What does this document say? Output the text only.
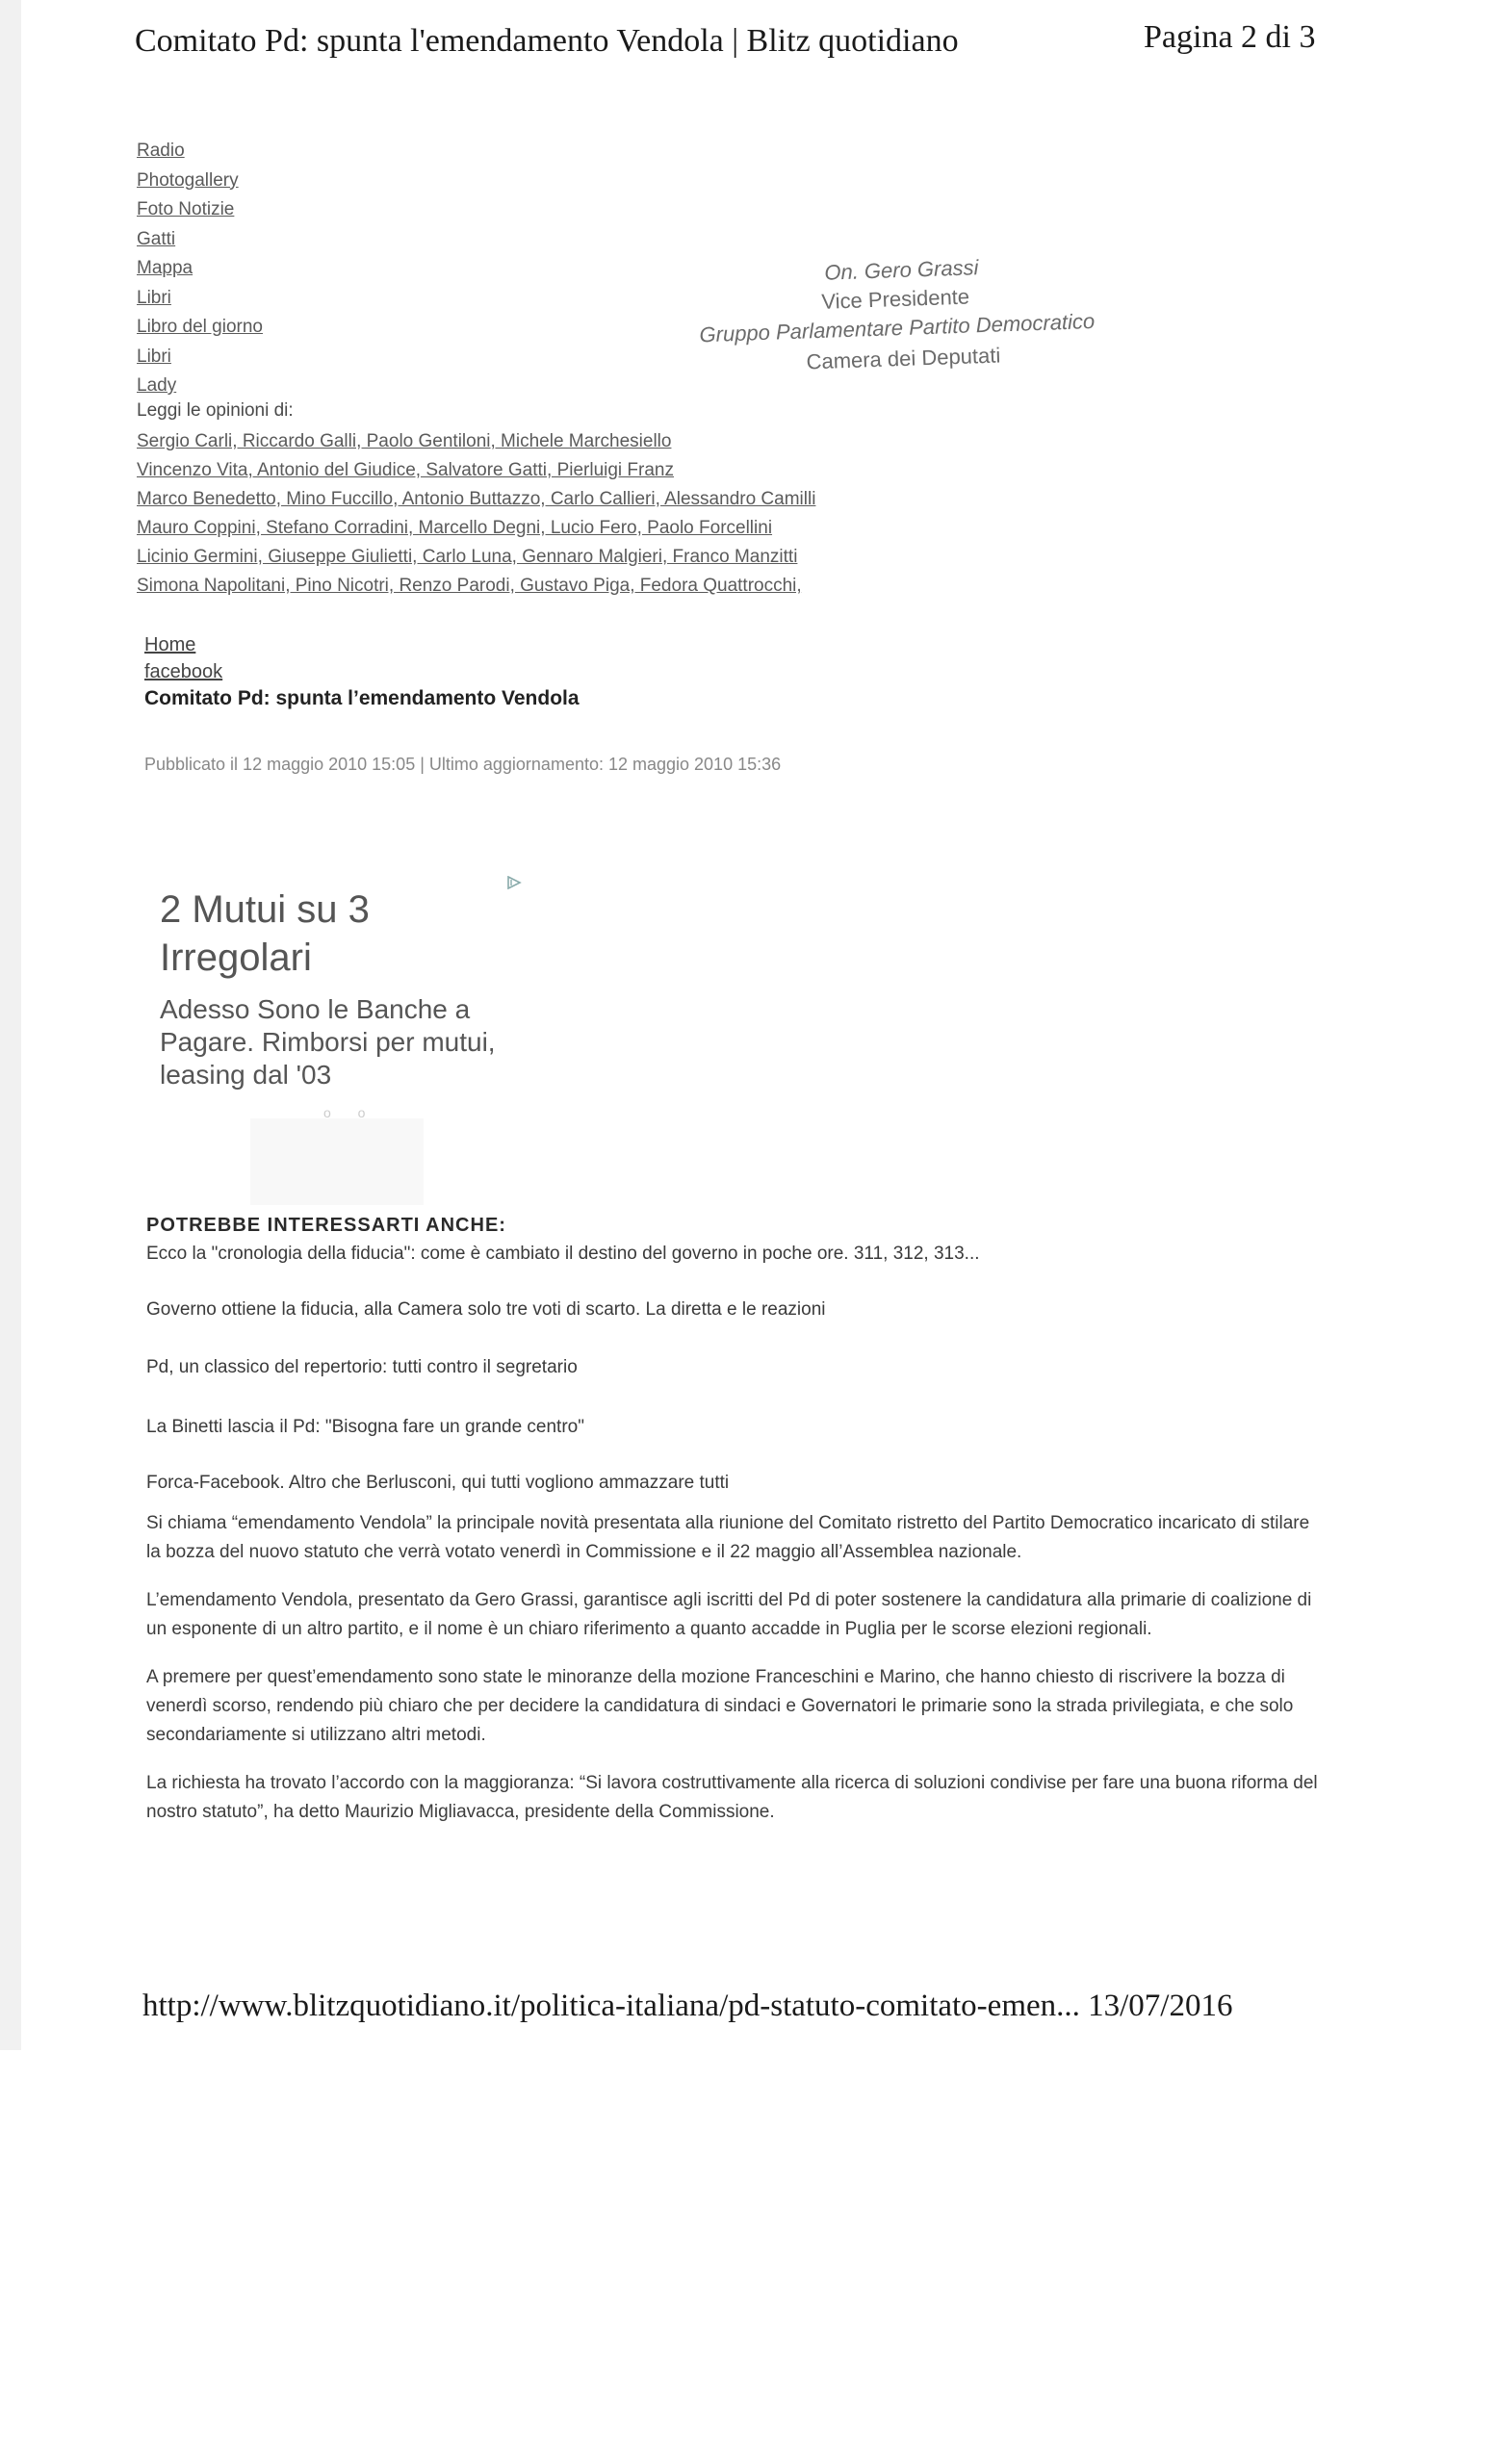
Comitato Pd: spunta l'emendamento Vendola | Blitz quotidiano	Pagina 2 di 3
Radio
Photogallery
Foto Notizie
Gatti
Mappa
Libri
Libro del giorno
Libri
Lady
On. Gero Grassi
Vice Presidente
Gruppo Parlamentare Partito Democratico
Camera dei Deputati
Leggi le opinioni di:
Sergio Carli, Riccardo Galli, Paolo Gentiloni, Michele Marchesiello
Vincenzo Vita, Antonio del Giudice, Salvatore Gatti, Pierluigi Franz
Marco Benedetto, Mino Fuccillo, Antonio Buttazzo, Carlo Callieri, Alessandro Camilli
Mauro Coppini, Stefano Corradini, Marcello Degni, Lucio Fero, Paolo Forcellini
Licinio Germini, Giuseppe Giulietti, Carlo Luna, Gennaro Malgieri, Franco Manzitti
Simona Napolitani, Pino Nicotri, Renzo Parodi, Gustavo Piga, Fedora Quattrocchi,
Home
facebook
Comitato Pd: spunta l’emendamento Vendola
Pubblicato il 12 maggio 2010 15:05 | Ultimo aggiornamento: 12 maggio 2010 15:36
2 Mutui su 3 Irregolari
Adesso Sono le Banche a Pagare. Rimborsi per mutui, leasing dal '03
o o
POTREBBE INTERESSARTI ANCHE:
Ecco la "cronologia della fiducia": come è cambiato il destino del governo in poche ore. 311, 312, 313...
Governo ottiene la fiducia, alla Camera solo tre voti di scarto. La diretta e le reazioni
Pd, un classico del repertorio: tutti contro il segretario
La Binetti lascia il Pd: "Bisogna fare un grande centro"
Forca-Facebook. Altro che Berlusconi, qui tutti vogliono ammazzare tutti

Si chiama “emendamento Vendola” la principale novità presentata alla riunione del Comitato ristretto del Partito Democratico incaricato di stilare la bozza del nuovo statuto che verrà votato venerdì in Commissione e il 22 maggio all’Assemblea nazionale.

L’emendamento Vendola, presentato da Gero Grassi, garantisce agli iscritti del Pd di poter sostenere la candidatura alla primarie di coalizione di un esponente di un altro partito, e il nome è un chiaro riferimento a quanto accadde in Puglia per le scorse elezioni regionali.

A premere per quest’emendamento sono state le minoranze della mozione Franceschini e Marino, che hanno chiesto di riscrivere la bozza di venerdì scorso, rendendo più chiaro che per decidere la candidatura di sindaci e Governatori le primarie sono la strada privilegiata, e che solo secondariamente si utilizzano altri metodi.

La richiesta ha trovato l’accordo con la maggioranza: “Si lavora costruttivamente alla ricerca di soluzioni condivise per fare una buona riforma del nostro statuto”, ha detto Maurizio Migliavacca, presidente della Commissione.

http://www.blitzquotidiano.it/politica-italiana/pd-statuto-comitato-emen... 13/07/2016
